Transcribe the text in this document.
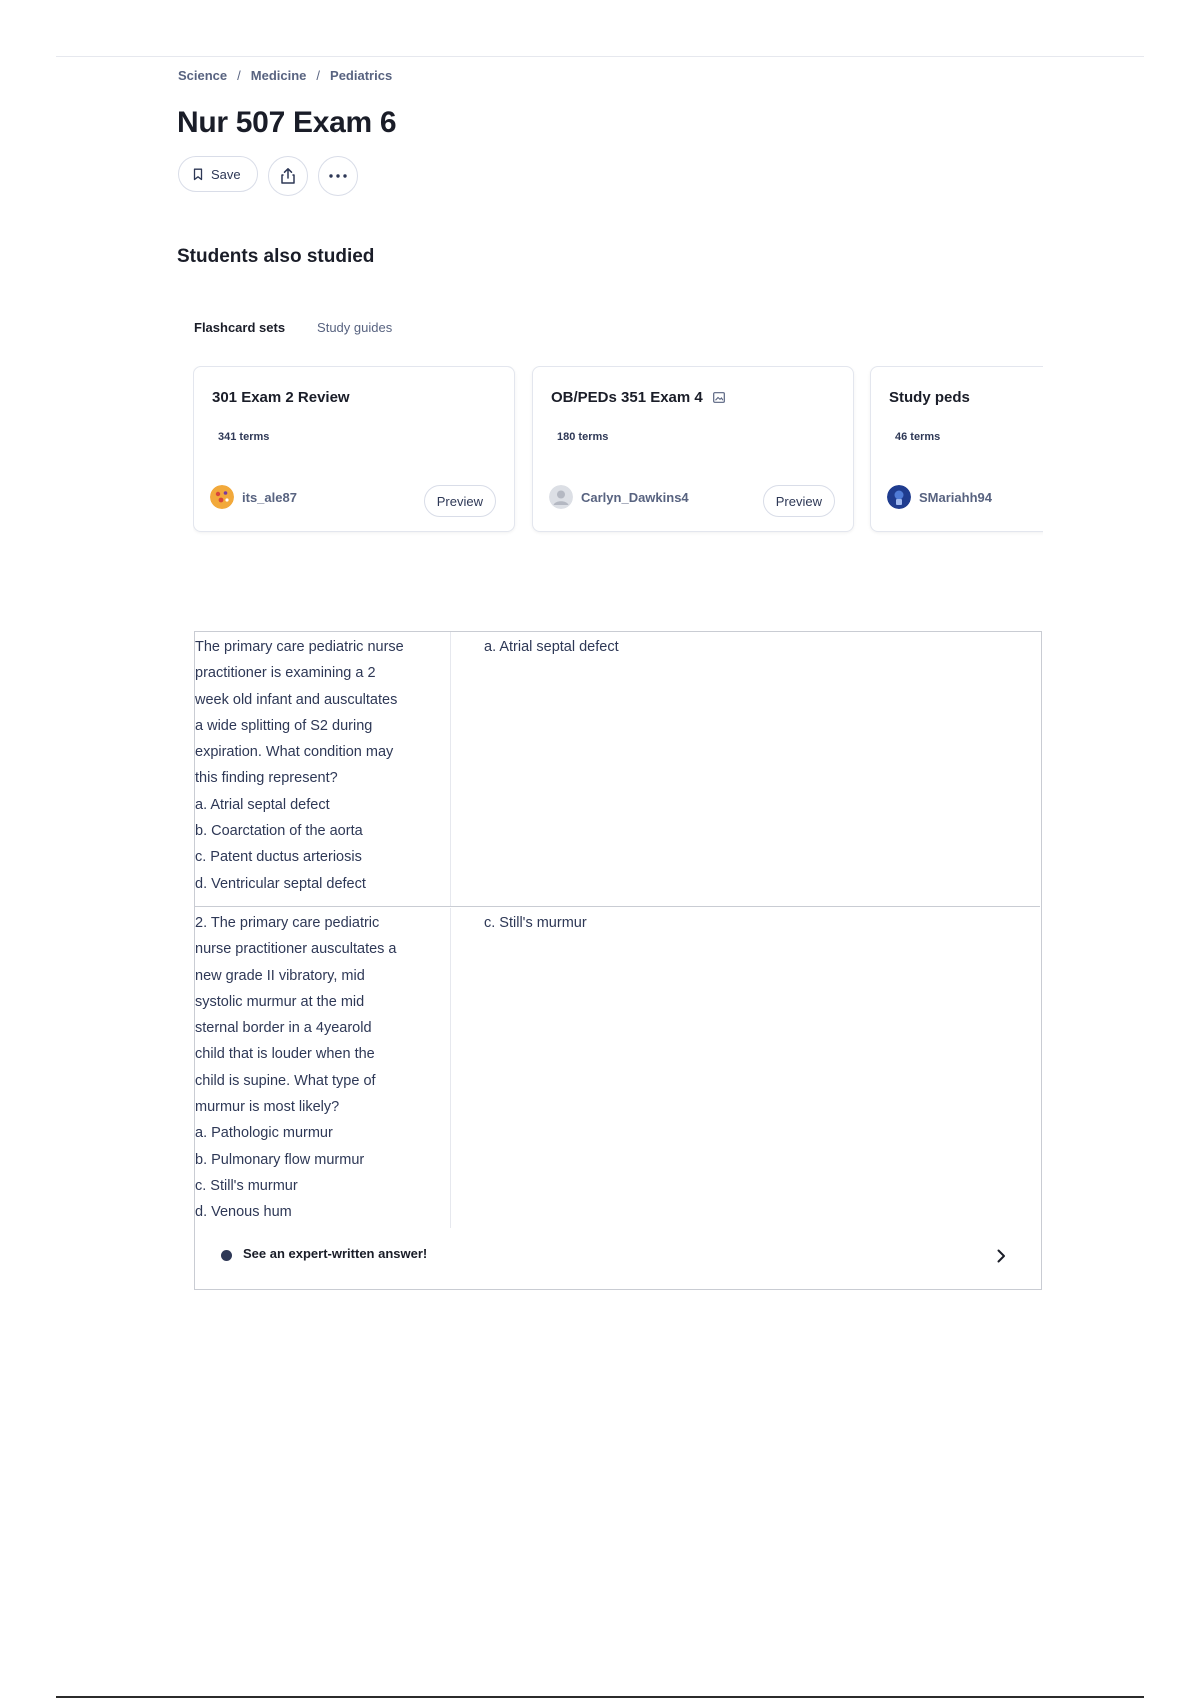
Science / Medicine / Pediatrics
Nur 507 Exam 6
Save
Students also studied
Flashcard sets Study guides
301 Exam 2 Review
341 terms
its_ale87	Preview
OB/PEDs 351 Exam 4
180 terms
Carlyn_Dawkins4	Preview
Study peds
46 terms
SMariahh94
The primary care pediatric nurse
practitioner is examining a 2
week old infant and auscultates
a wide splitting of S2 during
expiration. What condition may
this finding represent?
a. Atrial septal defect
b. Coarctation of the aorta
c. Patent ductus arteriosis
d. Ventricular septal defect
a. Atrial septal defect
2. The primary care pediatric
nurse practitioner auscultates a
new grade II vibratory, mid
systolic murmur at the mid
sternal border in a 4yearold
child that is louder when the
child is supine. What type of
murmur is most likely?
a. Pathologic murmur
b. Pulmonary flow murmur
c. Still's murmur
d. Venous hum
c. Still's murmur
See an expert-written answer!
